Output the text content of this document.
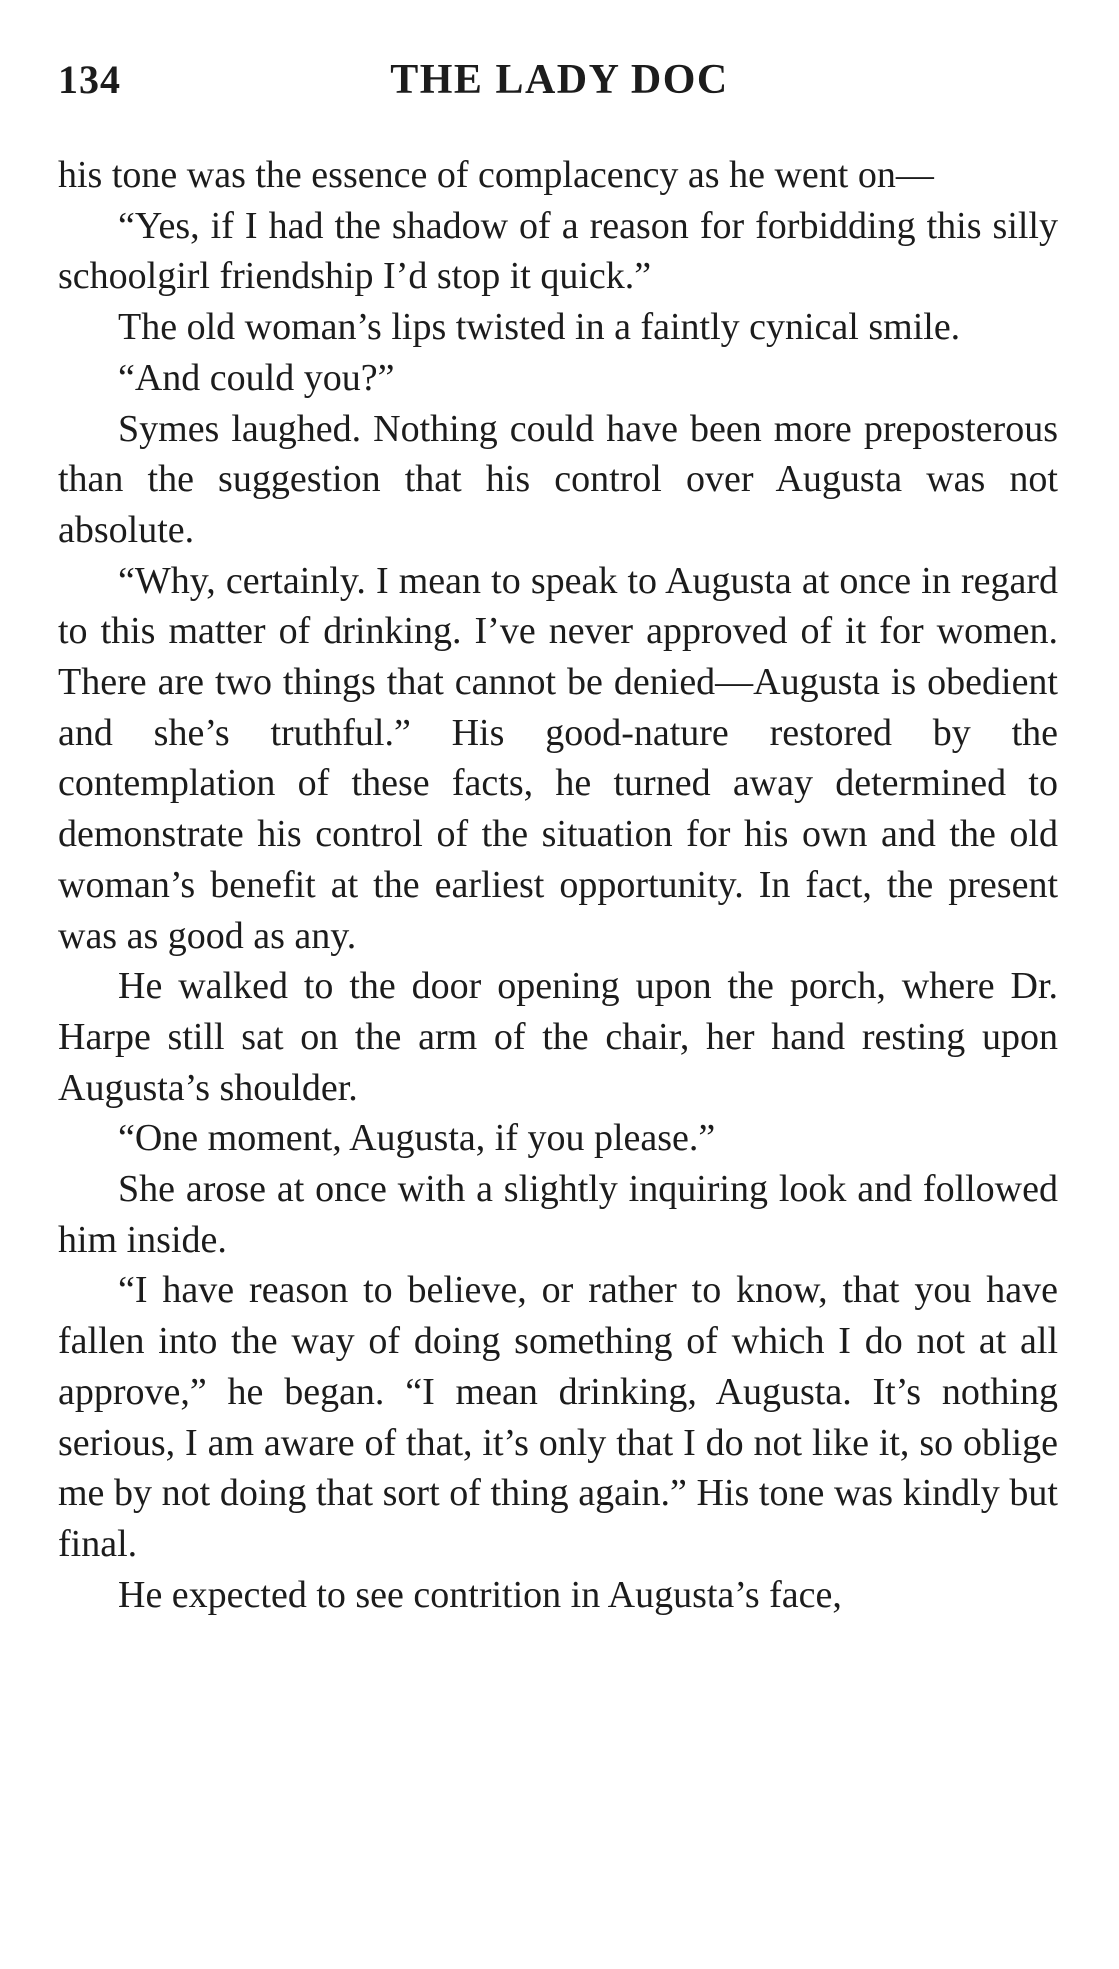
134	THE LADY DOC

his tone was the essence of complacency as he went on—

“Yes, if I had the shadow of a reason for forbidding this silly schoolgirl friendship I’d stop it quick.”

The old woman’s lips twisted in a faintly cynical smile.

“And could you?”

Symes laughed. Nothing could have been more preposterous than the suggestion that his control over Augusta was not absolute.

“Why, certainly. I mean to speak to Augusta at once in regard to this matter of drinking. I’ve never approved of it for women. There are two things that cannot be denied—Augusta is obedient and she’s truthful.” His good-nature restored by the contemplation of these facts, he turned away determined to demonstrate his control of the situation for his own and the old woman’s benefit at the earliest opportunity. In fact, the present was as good as any.

He walked to the door opening upon the porch, where Dr. Harpe still sat on the arm of the chair, her hand resting upon Augusta’s shoulder.

“One moment, Augusta, if you please.”

She arose at once with a slightly inquiring look and followed him inside.

“I have reason to believe, or rather to know, that you have fallen into the way of doing something of which I do not at all approve,” he began. “I mean drinking, Augusta. It’s nothing serious, I am aware of that, it’s only that I do not like it, so oblige me by not doing that sort of thing again.” His tone was kindly but final.

He expected to see contrition in Augusta’s face,
